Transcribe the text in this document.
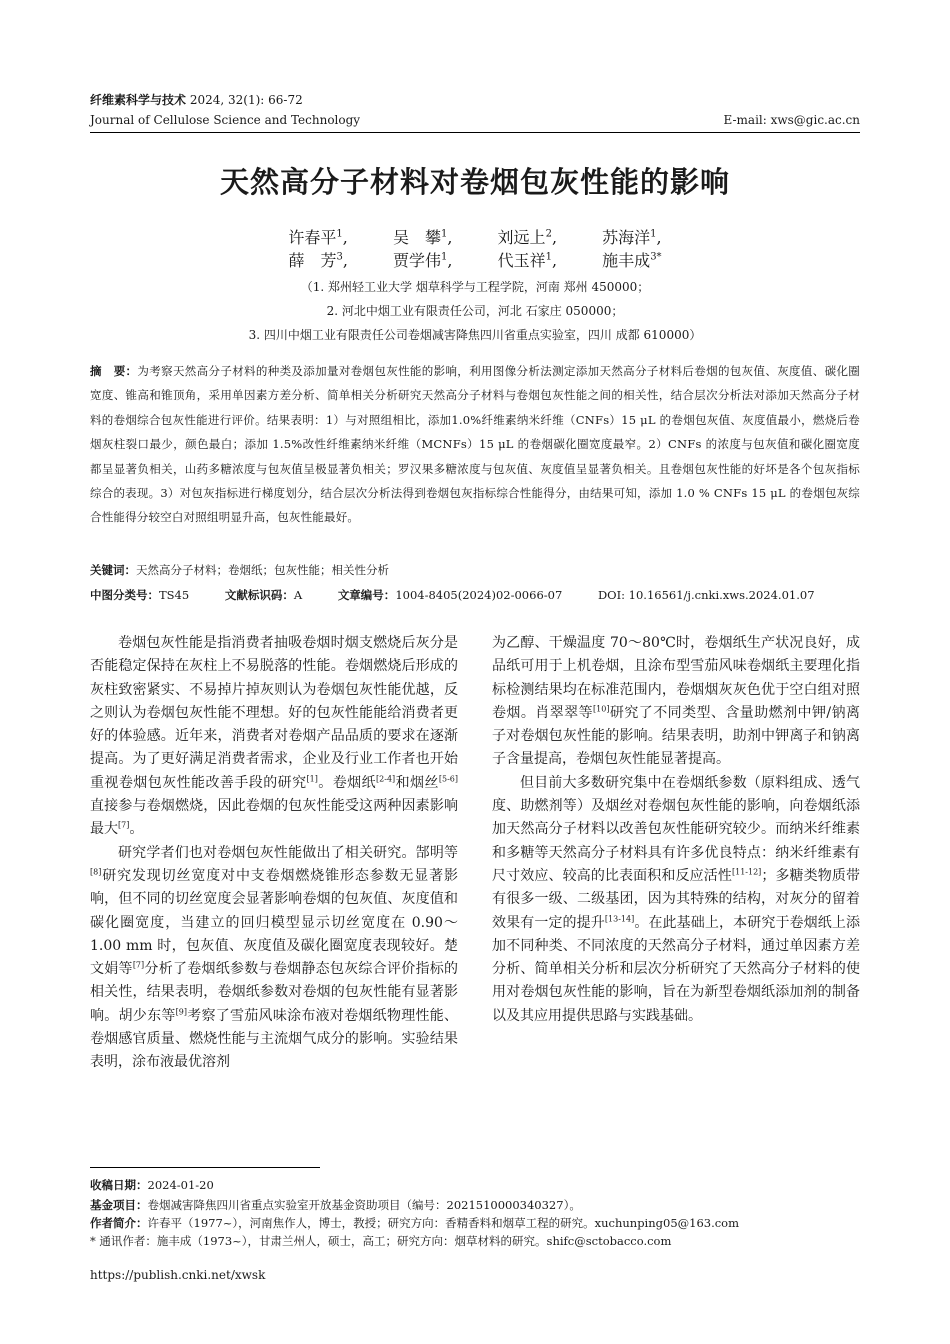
纤维素科学与技术 2024, 32(1): 66-72
Journal of Cellulose Science and Technology	E-mail: xws@gic.ac.cn
天然高分子材料对卷烟包灰性能的影响
许春平$^1$,	吴　攀$^1$,	刘远上$^2$,	苏海洋$^1$,
薛　芳$^3$,	贾学伟$^1$,	代玉祥$^1$,	施丰成$^{3*}$
（1. 郑州轻工业大学 烟草科学与工程学院，河南 郑州 450000；
2. 河北中烟工业有限责任公司，河北 石家庄 050000；
3. 四川中烟工业有限责任公司卷烟减害降焦四川省重点实验室，四川 成都 610000）
摘　要：为考察天然高分子材料的种类及添加量对卷烟包灰性能的影响，利用图像分析法测定添加天然高分子材料后卷烟的包灰值、灰度值、碳化圈宽度、锥高和锥顶角，采用单因素方差分析、简单相关分析研究天然高分子材料与卷烟包灰性能之间的相关性，结合层次分析法对添加天然高分子材料的卷烟综合包灰性能进行评价。结果表明：1）与对照组相比，添加1.0%纤维素纳米纤维（CNFs）15 μL 的卷烟包灰值、灰度值最小，燃烧后卷烟灰柱裂口最少，颜色最白；添加 1.5%改性纤维素纳米纤维（MCNFs）15 μL 的卷烟碳化圈宽度最窄。2）CNFs 的浓度与包灰值和碳化圈宽度都呈显著负相关，山药多糖浓度与包灰值呈极显著负相关；罗汉果多糖浓度与包灰值、灰度值呈显著负相关。且卷烟包灰性能的好坏是各个包灰指标综合的表现。3）对包灰指标进行梯度划分，结合层次分析法得到卷烟包灰指标综合性能得分，由结果可知，添加 1.0 % CNFs 15 μL 的卷烟包灰综合性能得分较空白对照组明显升高，包灰性能最好。
关键词：天然高分子材料；卷烟纸；包灰性能；相关性分析
中图分类号：TS45	文献标识码：A	文章编号：1004-8405(2024)02-0066-07	DOI: 10.16561/j.cnki.xws.2024.01.07

卷烟包灰性能是指消费者抽吸卷烟时烟支燃烧后灰分是否能稳定保持在灰柱上不易脱落的性能。卷烟燃烧后形成的灰柱致密紧实、不易掉片掉灰则认为卷烟包灰性能优越，反之则认为卷烟包灰性能不理想。好的包灰性能能给消费者更好的体验感。近年来，消费者对卷烟产品品质的要求在逐渐提高。为了更好满足消费者需求，企业及行业工作者也开始重视卷烟包灰性能改善手段的研究[1]。卷烟纸[2-4]和烟丝[5-6]直接参与卷烟燃烧，因此卷烟的包灰性能受这两种因素影响最大[7]。

研究学者们也对卷烟包灰性能做出了相关研究。郜明等[8]研究发现切丝宽度对中支卷烟燃烧锥形态参数无显著影响，但不同的切丝宽度会显著影响卷烟的包灰值、灰度值和碳化圈宽度，当建立的回归模型显示切丝宽度在 0.90～1.00 mm 时，包灰值、灰度值及碳化圈宽度表现较好。楚文娟等[7]分析了卷烟纸参数与卷烟静态包灰综合评价指标的相关性，结果表明，卷烟纸参数对卷烟的包灰性能有显著影响。胡少东等[9]考察了雪茄风味涂布液对卷烟纸物理性能、卷烟感官质量、燃烧性能与主流烟气成分的影响。实验结果表明，涂布液最优溶剂

为乙醇、干燥温度 70～80℃时，卷烟纸生产状况良好，成品纸可用于上机卷烟，且涂布型雪茄风味卷烟纸主要理化指标检测结果均在标准范围内，卷烟烟灰灰色优于空白组对照卷烟。肖翠翠等[10]研究了不同类型、含量助燃剂中钾/钠离子对卷烟包灰性能的影响。结果表明，助剂中钾离子和钠离子含量提高，卷烟包灰性能显著提高。

但目前大多数研究集中在卷烟纸参数（原料组成、透气度、助燃剂等）及烟丝对卷烟包灰性能的影响，向卷烟纸添加天然高分子材料以改善包灰性能研究较少。而纳米纤维素和多糖等天然高分子材料具有许多优良特点：纳米纤维素有尺寸效应、较高的比表面积和反应活性[11-12]；多糖类物质带有很多一级、二级基团，因为其特殊的结构，对灰分的留着效果有一定的提升[13-14]。在此基础上，本研究于卷烟纸上添加不同种类、不同浓度的天然高分子材料，通过单因素方差分析、简单相关分析和层次分析研究了天然高分子材料的使用对卷烟包灰性能的影响，旨在为新型卷烟纸添加剂的制备以及其应用提供思路与实践基础。

收稿日期：2024-01-20
基金项目：卷烟减害降焦四川省重点实验室开放基金资助项目（编号：2021510000340327）。
作者简介：许春平（1977~），河南焦作人，博士，教授；研究方向：香精香料和烟草工程的研究。xuchunping05@163.com
* 通讯作者：施丰成（1973~），甘肃兰州人，硕士，高工；研究方向：烟草材料的研究。shifc@sctobacco.com
https://publish.cnki.net/xwsk
